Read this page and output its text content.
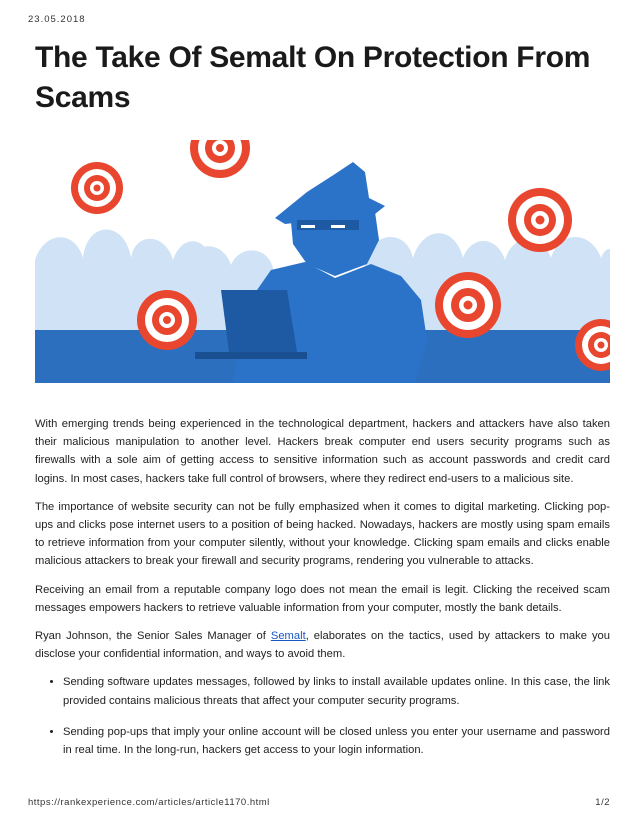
23.05.2018
The Take Of Semalt On Protection From Scams

With emerging trends being experienced in the technological department, hackers and attackers have also taken their malicious manipulation to another level. Hackers break computer end users security programs such as firewalls with a sole aim of getting access to sensitive information such as account passwords and credit card logins. In most cases, hackers take full control of browsers, where they redirect end-users to a malicious site.

The importance of website security can not be fully emphasized when it comes to digital marketing. Clicking pop-ups and clicks pose internet users to a position of being hacked. Nowadays, hackers are mostly using spam emails to retrieve information from your computer silently, without your knowledge. Clicking spam emails and clicks enable malicious attackers to break your firewall and security programs, rendering you vulnerable to attacks.

Receiving an email from a reputable company logo does not mean the email is legit. Clicking the received scam messages empowers hackers to retrieve valuable information from your computer, mostly the bank details.

Ryan Johnson, the Senior Sales Manager of Semalt, elaborates on the tactics, used by attackers to make you disclose your confidential information, and ways to avoid them.

• Sending software updates messages, followed by links to install available updates online. In this case, the link provided contains malicious threats that affect your computer security programs.
• Sending pop-ups that imply your online account will be closed unless you enter your username and password in real time. In the long-run, hackers get access to your login information.
https://rankexperience.com/articles/article1170.html	1/2
